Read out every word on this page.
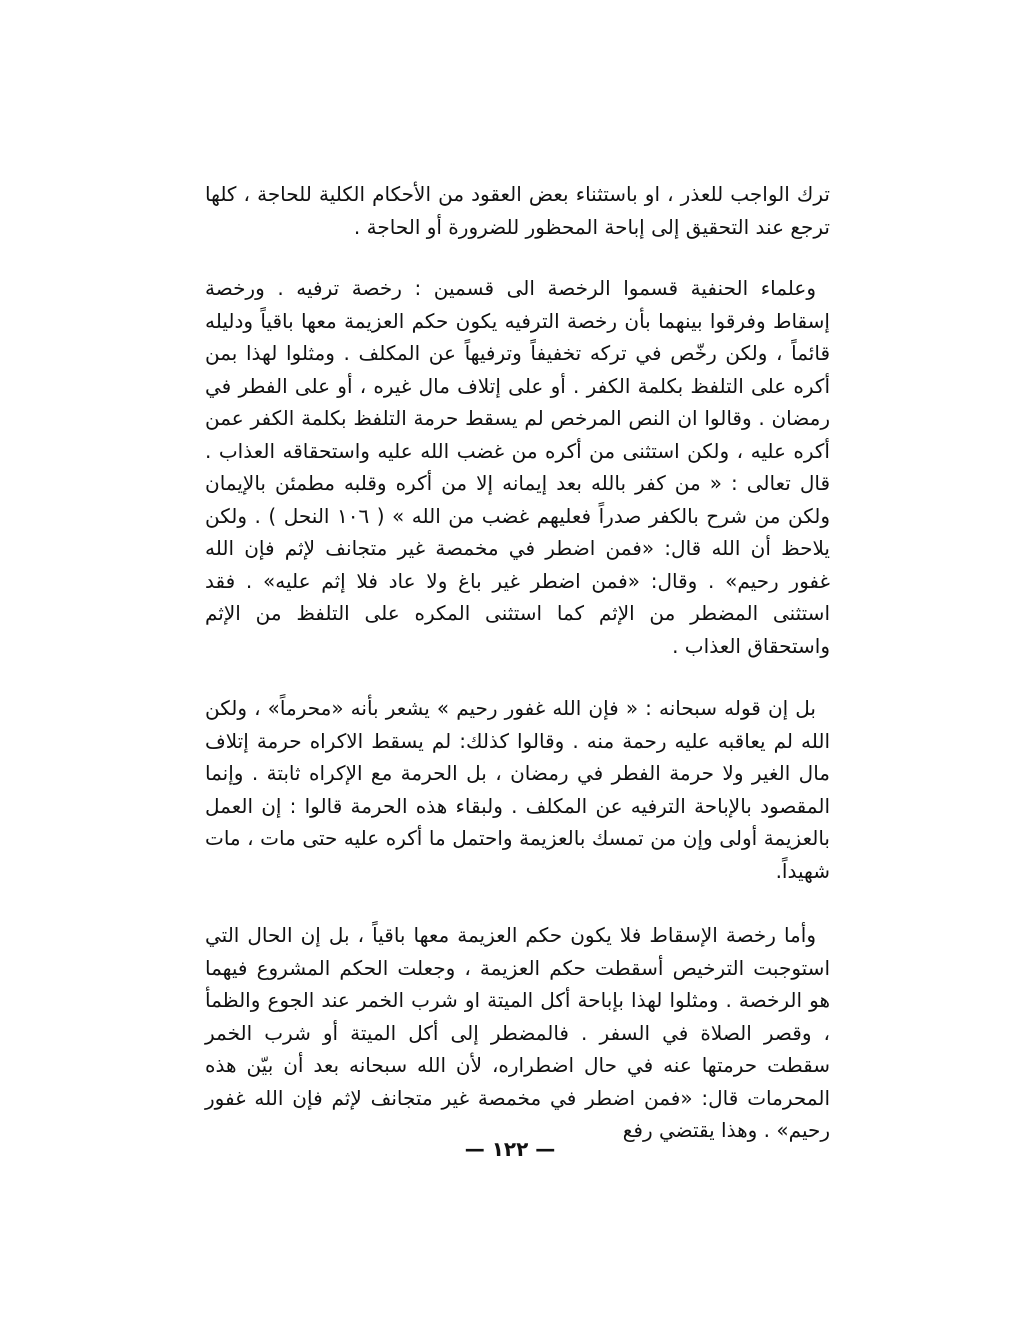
ترك الواجب للعذر ، او باستثناء بعض العقود من الأحكام الكلية للحاجة ، كلها ترجع عند التحقيق إلى إباحة المحظور للضرورة أو الحاجة .

وعلماء الحنفية قسموا الرخصة الى قسمين : رخصة ترفيه . ورخصة إسقاط وفرقوا بينهما بأن رخصة الترفيه يكون حكم العزيمة معها باقياً ودليله قائماً ، ولكن رخّص في تركه تخفيفاً وترفيهاً عن المكلف . ومثلوا لهذا بمن أكره على التلفظ بكلمة الكفر . أو على إتلاف مال غيره ، أو على الفطر في رمضان . وقالوا ان النص المرخص لم يسقط حرمة التلفظ بكلمة الكفر عمن أكره عليه ، ولكن استثنى من أكره من غضب الله عليه واستحقاقه العذاب . قال تعالى : « من كفر بالله بعد إيمانه إلا من أكره وقلبه مطمئن بالإيمان ولكن من شرح بالكفر صدراً فعليهم غضب من الله » ( ١٠٦ النحل ) . ولكن يلاحظ أن الله قال: «فمن اضطر في مخمصة غير متجانف لإثم فإن الله غفور رحيم» . وقال: «فمن اضطر غير باغ ولا عاد فلا إثم عليه» . فقد استثنى المضطر من الإثم كما استثنى المكره على التلفظ من الإثم واستحقاق العذاب .

بل إن قوله سبحانه : « فإن الله غفور رحيم » يشعر بأنه «محرماً» ، ولكن الله لم يعاقبه عليه رحمة منه . وقالوا كذلك: لم يسقط الاكراه حرمة إتلاف مال الغير ولا حرمة الفطر في رمضان ، بل الحرمة مع الإكراه ثابتة . وإنما المقصود بالإباحة الترفيه عن المكلف . ولبقاء هذه الحرمة قالوا : إن العمل بالعزيمة أولى وإن من تمسك بالعزيمة واحتمل ما أكره عليه حتى مات ، مات شهيداً.

وأما رخصة الإسقاط فلا يكون حكم العزيمة معها باقياً ، بل إن الحال التي استوجبت الترخيص أسقطت حكم العزيمة ، وجعلت الحكم المشروع فيهما هو الرخصة . ومثلوا لهذا بإباحة أكل الميتة او شرب الخمر عند الجوع والظمأ ، وقصر الصلاة في السفر . فالمضطر إلى أكل الميتة أو شرب الخمر سقطت حرمتها عنه في حال اضطراره، لأن الله سبحانه بعد أن بيّن هذه المحرمات قال: «فمن اضطر في مخمصة غير متجانف لإثم فإن الله غفور رحيم» . وهذا يقتضي رفع

— ١٢٢ —
